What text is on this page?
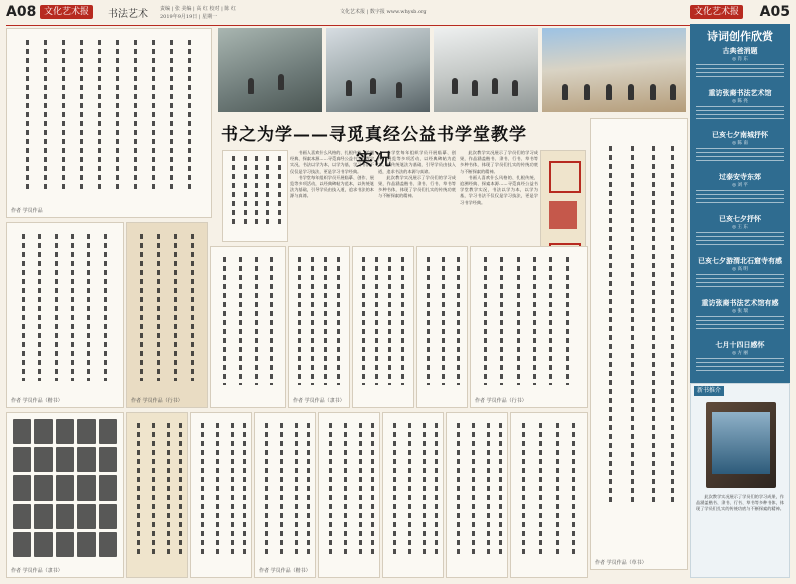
A08 文化艺术报	书法艺术 责编 | 张 美编 | 高 红 校对 | 陈 红
2019年9月19日 | 星期一
文化艺术报 | 数字报 www.whysb.org	文化艺术报 A05
作者 学员作品
书之为学——寻觅真经公益书学堂教学实况

书画人喜欢什么风格的、扎根传统、追溯经典、探索本源……寻觅真经公益书学堂教学实况，书法以学为本，以学为基，学习书法不仅仅是学习技法，更是学习书学经典。

书学堂每年组织学员开展临摹、创作、展览等多项活动，以经典碑帖为范本，以传统笔法为基础，引导学员由技入道，追求书法的本源与真谛。

书学堂每年组织学员开展临摹、创作、展览等多项活动，以经典碑帖为范本，以传统笔法为基础，引导学员由技入道，追求书法的本源与真谛。

此次教学实况展示了学员们的学习成果，作品涵盖楷书、隶书、行书、草书等多种书体，体现了学员们扎实的传统功底与不断探索的精神。

此次教学实况展示了学员们的学习成果，作品涵盖楷书、隶书、行书、草书等多种书体，体现了学员们扎实的传统功底与不断探索的精神。

书画人喜欢什么风格的、扎根传统、追溯经典、探索本源……寻觅真经公益书学堂教学实况，书法以学为本，以学为基，学习书法不仅仅是学习技法，更是学习书学经典。

作者 学员作品（草书）
作者 学员作品（楷书）	作者 学员作品（行书）	作者 学员作品（隶书）	作者 学员作品（行书）
作者 学员作品（隶书）	作者 学员作品（楷书）
诗词创作欣赏
古典爸消题
◎ 肖 东
重访张裔书法艺术馆
◎ 陈 亮
已亥七夕南城抒怀
◎ 陈 南
过泰安寺东郊
◎ 刘 平
已亥七夕抒怀
◎ 王 东
已亥七夕游渭北石窟寺有感
◎ 高 明
重访张裔书法艺术馆有感
◎ 张 瑞
七月十四日感怀
◎ 方 丽
新书推介

此次教学实况展示了学员们的学习成果，作品涵盖楷书、隶书、行书、草书等多种书体，体现了学员们扎实的传统功底与不断探索的精神。
